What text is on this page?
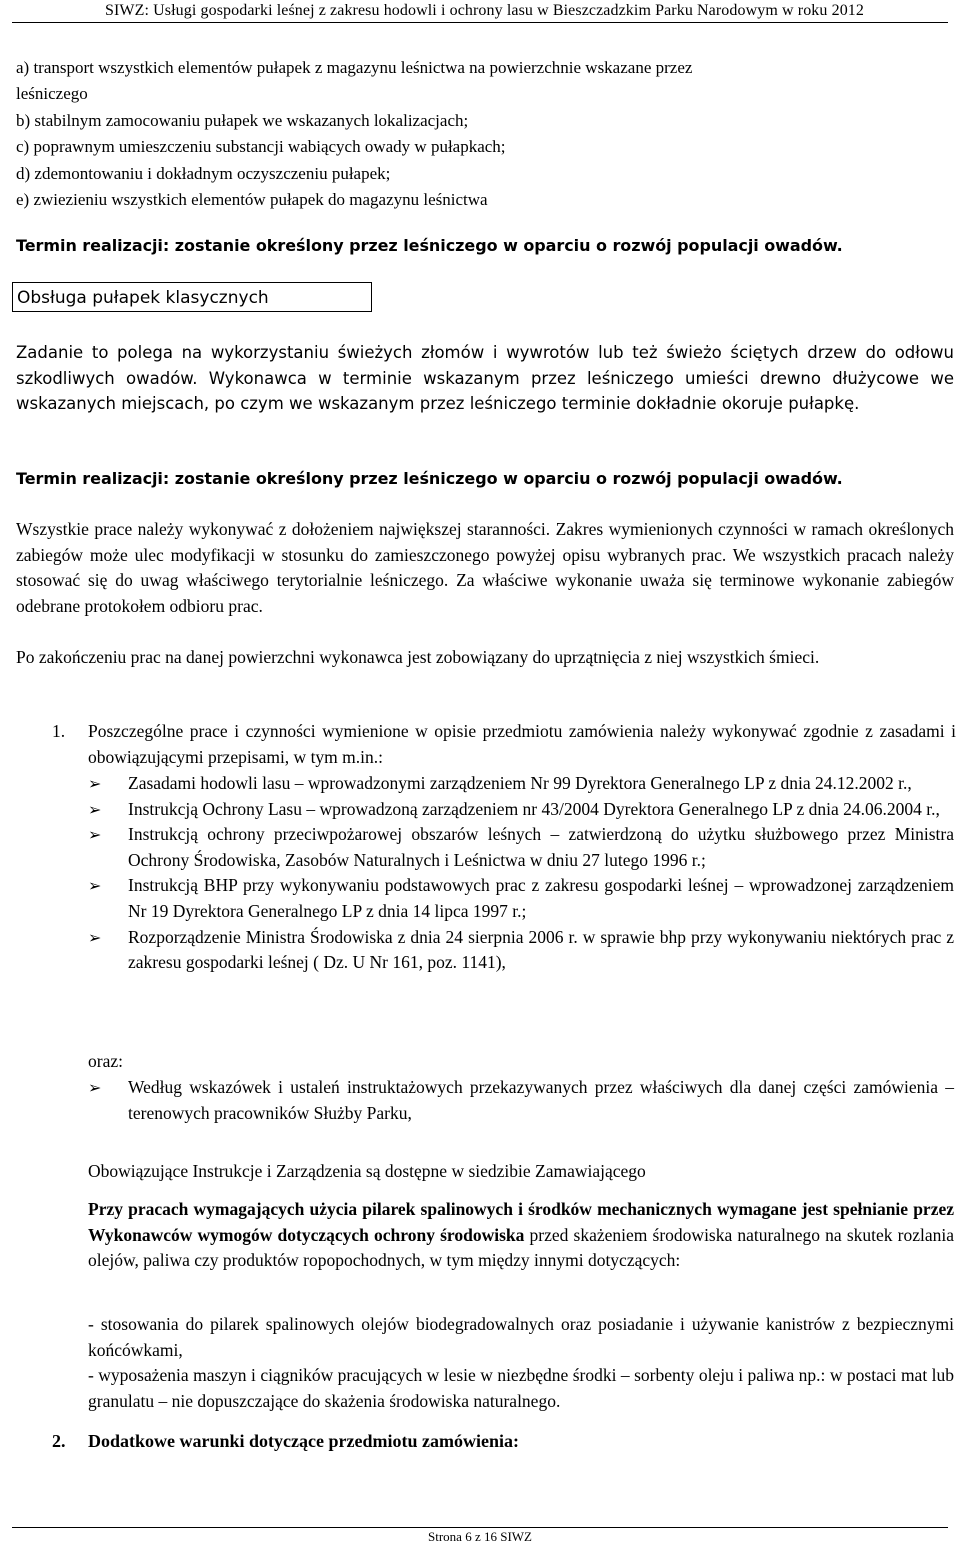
SIWZ: Usługi gospodarki leśnej z zakresu hodowli i ochrony lasu w Bieszczadzkim Parku Narodowym w roku 2012
a) transport wszystkich elementów pułapek z magazynu leśnictwa na powierzchnie wskazane przez
leśniczego
b) stabilnym zamocowaniu pułapek we wskazanych lokalizacjach;
c) poprawnym umieszczeniu substancji wabiących owady w pułapkach;
d) zdemontowaniu i dokładnym oczyszczeniu pułapek;
e) zwiezieniu wszystkich elementów pułapek do magazynu leśnictwa
Termin realizacji: zostanie określony przez leśniczego w oparciu o rozwój populacji owadów.
Obsługa pułapek klasycznych
Zadanie to polega na wykorzystaniu świeżych złomów i wywrotów lub też świeżo ściętych drzew do odłowu szkodliwych owadów. Wykonawca w terminie wskazanym przez leśniczego umieści drewno dłużycowe we wskazanych miejscach, po czym we wskazanym przez leśniczego terminie dokładnie okoruje pułapkę.
Termin realizacji: zostanie określony przez leśniczego w oparciu o rozwój populacji owadów.
Wszystkie prace należy wykonywać z dołożeniem największej staranności. Zakres wymienionych czynności w ramach określonych zabiegów może ulec modyfikacji w stosunku do zamieszczonego powyżej opisu wybranych prac. We wszystkich pracach należy stosować się do uwag właściwego terytorialnie leśniczego. Za właściwe wykonanie uważa się terminowe wykonanie zabiegów odebrane protokołem odbioru prac.
Po zakończeniu prac na danej powierzchni wykonawca jest zobowiązany do uprzątnięcia z niej wszystkich śmieci.
1. Poszczególne prace i czynności wymienione w opisie przedmiotu zamówienia należy wykonywać zgodnie z zasadami i obowiązującymi przepisami, w tym m.in.:
➢ Zasadami hodowli lasu – wprowadzonymi zarządzeniem Nr 99 Dyrektora Generalnego LP z dnia 24.12.2002 r.,
➢ Instrukcją Ochrony Lasu – wprowadzoną zarządzeniem nr 43/2004 Dyrektora Generalnego LP z dnia 24.06.2004 r.,
➢ Instrukcją ochrony przeciwpożarowej obszarów leśnych – zatwierdzoną do użytku służbowego przez Ministra Ochrony Środowiska, Zasobów Naturalnych i Leśnictwa w dniu 27 lutego 1996 r.;
➢ Instrukcją BHP przy wykonywaniu podstawowych prac z zakresu gospodarki leśnej – wprowadzonej zarządzeniem Nr 19 Dyrektora Generalnego LP z dnia 14 lipca 1997 r.;
➢ Rozporządzenie Ministra Środowiska z dnia 24 sierpnia 2006 r. w sprawie bhp przy wykonywaniu niektórych prac z zakresu gospodarki leśnej ( Dz. U Nr 161, poz. 1141),
oraz:
➢ Według wskazówek i ustaleń instruktażowych przekazywanych przez właściwych dla danej części zamówienia – terenowych pracowników Służby Parku,
Obowiązujące Instrukcje i Zarządzenia są dostępne w siedzibie Zamawiającego
Przy pracach wymagających użycia pilarek spalinowych i środków mechanicznych wymagane jest spełnianie przez Wykonawców wymogów dotyczących ochrony środowiska przed skażeniem środowiska naturalnego na skutek rozlania olejów, paliwa czy produktów ropopochodnych, w tym między innymi dotyczących:
- stosowania do pilarek spalinowych olejów biodegradowalnych oraz posiadanie i używanie kanistrów z bezpiecznymi końcówkami,
- wyposażenia maszyn i ciągników pracujących w lesie w niezbędne środki – sorbenty oleju i paliwa np.: w postaci mat lub granulatu – nie dopuszczające do skażenia środowiska naturalnego.
2. Dodatkowe warunki dotyczące przedmiotu zamówienia:
Strona 6 z 16 SIWZ
